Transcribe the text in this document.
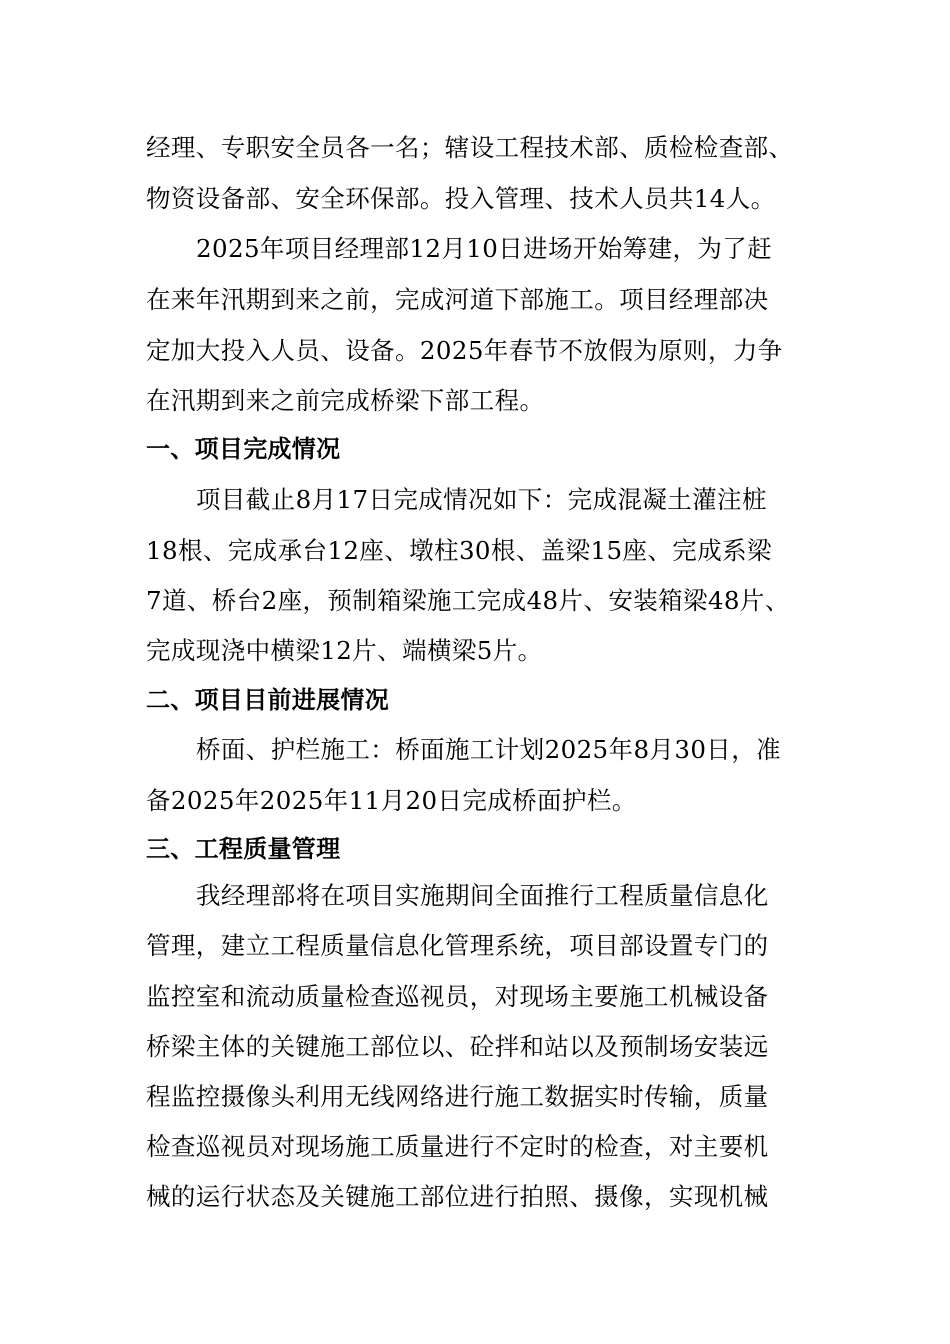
经理、专职安全员各一名；辖设工程技术部、质检检查部、
物资设备部、安全环保部。投入管理、技术人员共14人。
2025年项目经理部12月10日进场开始筹建，为了赶
在来年汛期到来之前，完成河道下部施工。项目经理部决
定加大投入人员、设备。2025年春节不放假为原则，力争
在汛期到来之前完成桥梁下部工程。
一、项目完成情况
项目截止8月17日完成情况如下：完成混凝土灌注桩
18根、完成承台12座、墩柱30根、盖梁15座、完成系梁
7道、桥台2座，预制箱梁施工完成48片、安装箱梁48片、
完成现浇中横梁12片、端横梁5片。
二、项目目前进展情况
桥面、护栏施工：桥面施工计划2025年8月30日，准
备2025年2025年11月20日完成桥面护栏。
三、工程质量管理
我经理部将在项目实施期间全面推行工程质量信息化
管理，建立工程质量信息化管理系统，项目部设置专门的
监控室和流动质量检查巡视员，对现场主要施工机械设备
桥梁主体的关键施工部位以、砼拌和站以及预制场安装远
程监控摄像头利用无线网络进行施工数据实时传输，质量
检查巡视员对现场施工质量进行不定时的检查，对主要机
械的运行状态及关键施工部位进行拍照、摄像，实现机械
